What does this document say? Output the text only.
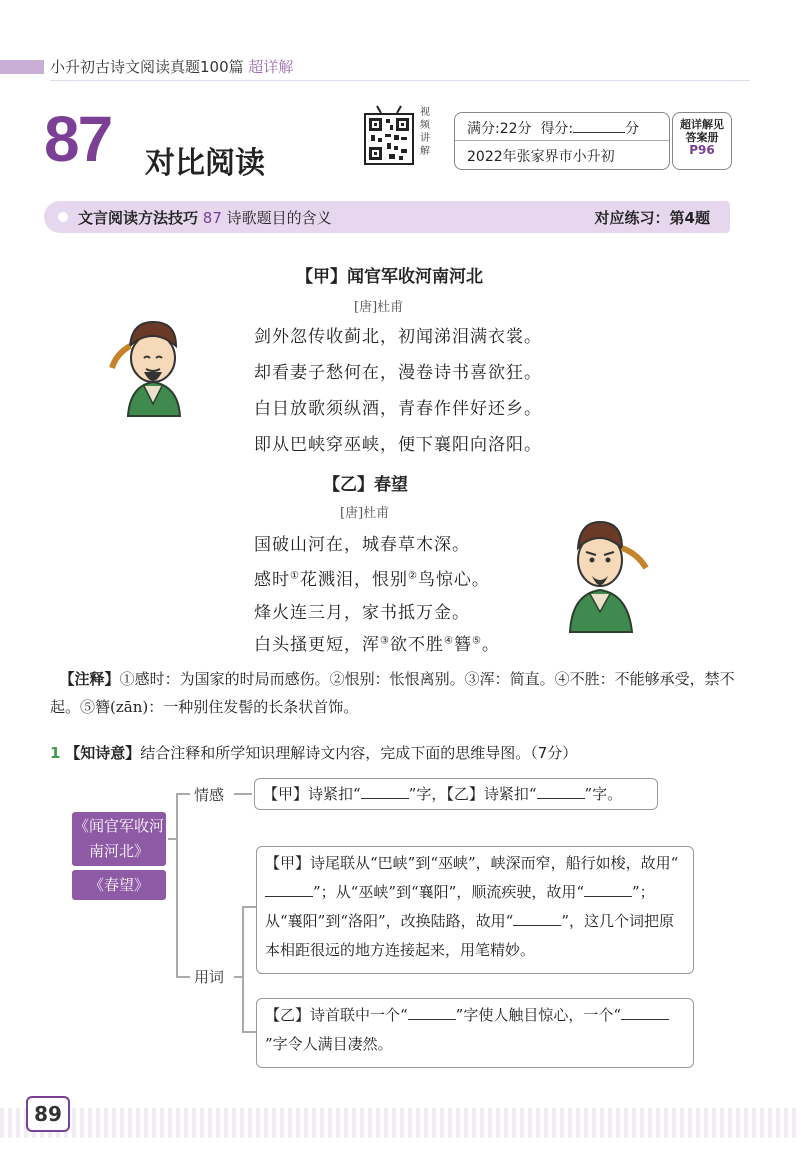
小升初古诗文阅读真题100篇 超详解
87 对比阅读
视频讲解
满分:22分 得分:	分
2022年张家界市小升初
超详解见答案册
P96
文言阅读方法技巧 87 诗歌题目的含义	对应练习：第4题
【甲】闻官军收河南河北
[唐]杜甫
剑外忽传收蓟北，初闻涕泪满衣裳。
却看妻子愁何在，漫卷诗书喜欲狂。
白日放歌须纵酒，青春作伴好还乡。
即从巴峡穿巫峡，便下襄阳向洛阳。
【乙】春望
[唐]杜甫
国破山河在，城春草木深。
感时①花溅泪，恨别②鸟惊心。
烽火连三月，家书抵万金。
白头搔更短，浑③欲不胜④簪⑤。
【注释】①感时：为国家的时局而感伤。②恨别：怅恨离别。③浑：简直。④不胜：不能够承受，禁不起。⑤簪(zān)：一种别住发髻的长条状首饰。
1 【知诗意】结合注释和所学知识理解诗文内容，完成下面的思维导图。（7分）
《闻官军收河南河北》
《春望》
情感
用词
【甲】诗紧扣“	”字，【乙】诗紧扣“	”字。
【甲】诗尾联从“巴峡”到“巫峡”，峡深而窄，船行如梭，故用“”；从“巫峡”到“襄阳”，顺流疾驶，故用“	”；从“襄阳”到“洛阳”，改换陆路，故用“	”，这几个词把原本相距很远的地方连接起来，用笔精妙。
【乙】诗首联中一个“	”字使人触目惊心，一个“”字令人满目凄然。
89
